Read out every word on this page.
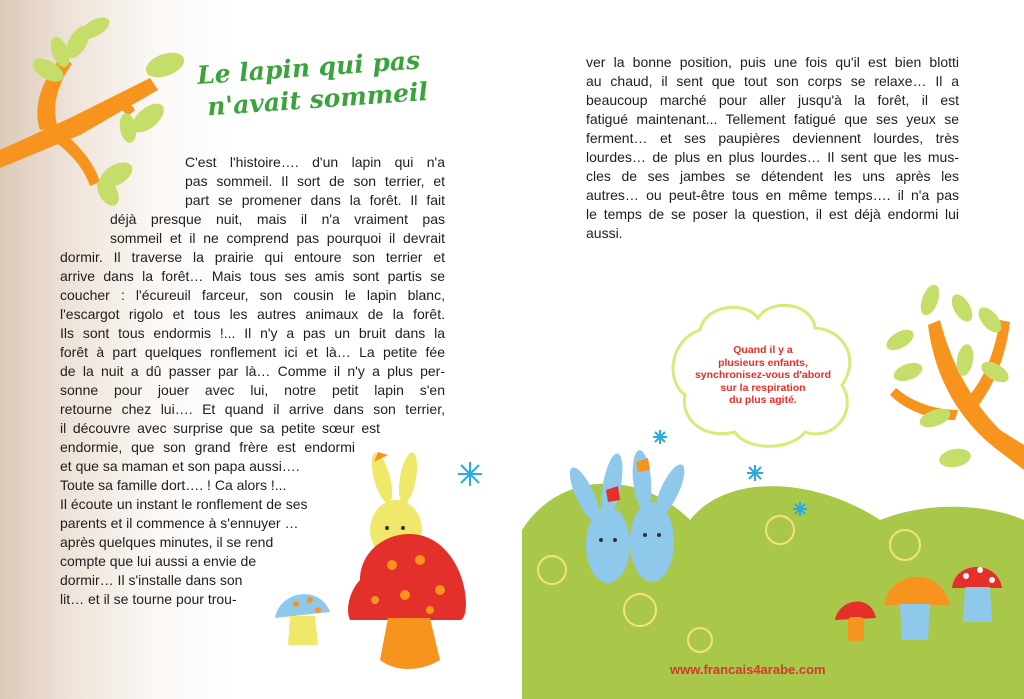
Le lapin qui pas
n'avait sommeil
C'est l'histoire…. d'un lapin qui n'a
pas sommeil. Il sort de son terrier, et
part se promener dans la forêt. Il fait
déjà presque nuit, mais il n'a vraiment pas
sommeil et il ne comprend pas pourquoi il devrait
dormir. Il traverse la prairie qui entoure son terrier et
arrive dans la forêt… Mais tous ses amis sont partis se
coucher : l'écureuil farceur, son cousin le lapin blanc,
l'escargot rigolo et tous les autres animaux de la forêt.
Ils sont tous endormis !... Il n'y a pas un bruit dans la
forêt à part quelques ronflement ici et là… La petite fée
de la nuit a dû passer par là… Comme il n'y a plus per-
sonne pour jouer avec lui, notre petit lapin s'en
retourne chez lui…. Et quand il arrive dans son terrier,
il découvre avec surprise que sa petite sœur est
endormie, que son grand frère est endormi
et que sa maman et son papa aussi….
Toute sa famille dort…. ! Ca alors !...
Il écoute un instant le ronflement de ses
parents et il commence à s'ennuyer …
après quelques minutes, il se rend
compte que lui aussi a envie de
dormir… Il s'installe dans son
lit… et il se tourne pour trou-
ver la bonne position, puis une fois qu'il est bien blotti
au chaud, il sent que tout son corps se relaxe… Il a
beaucoup marché pour aller jusqu'à la forêt, il est
fatigué maintenant... Tellement fatigué que ses yeux se
ferment… et ses paupières deviennent lourdes, très
lourdes… de plus en plus lourdes… Il sent que les mus-
cles de ses jambes se détendent les uns après les
autres… ou peut-être tous en même temps…. il n'a pas
le temps de se poser la question, il est déjà endormi lui
aussi.
Quand il y a
plusieurs enfants,
synchronisez-vous d'abord
sur la respiration
du plus agité.
www.francais4arabe.com
